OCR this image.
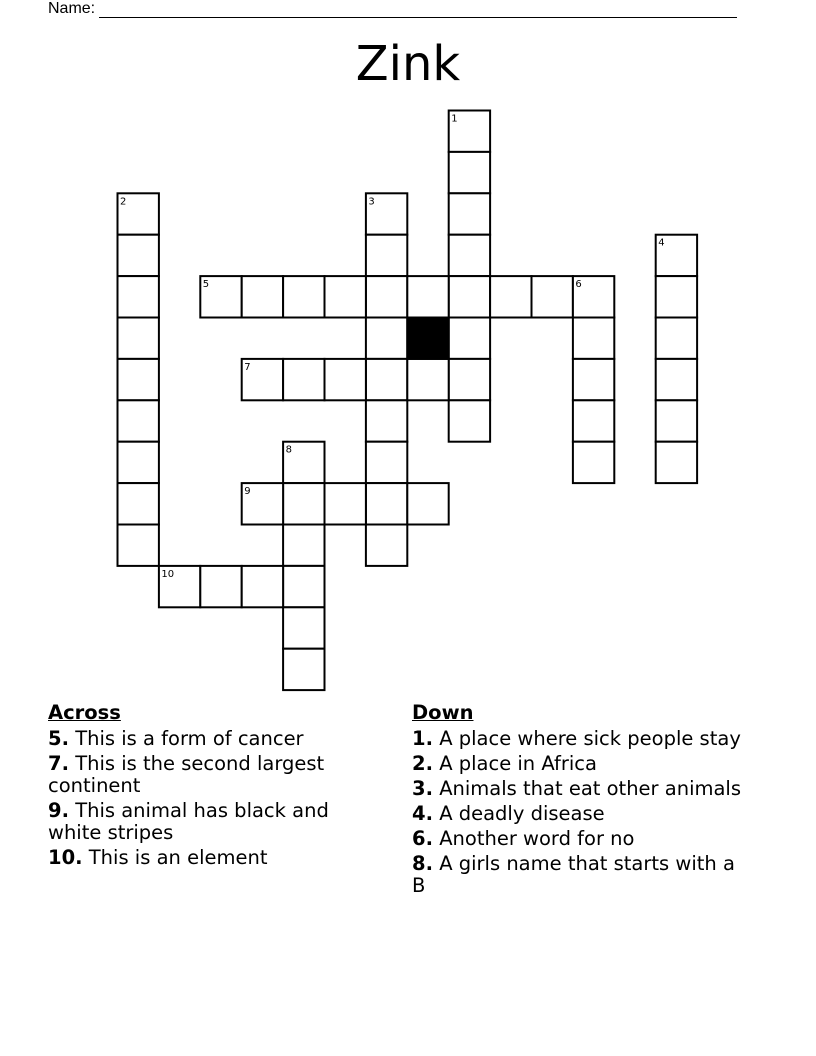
Name:
Zink
1
2	3
4
5	6
7
8
9
10
Across
5. This is a form of cancer
7. This is the second largest continent
9. This animal has black and white stripes
10. This is an element
Down
1. A place where sick people stay
2. A place in Africa
3. Animals that eat other animals
4. A deadly disease
6. Another word for no
8. A girls name that starts with a B
